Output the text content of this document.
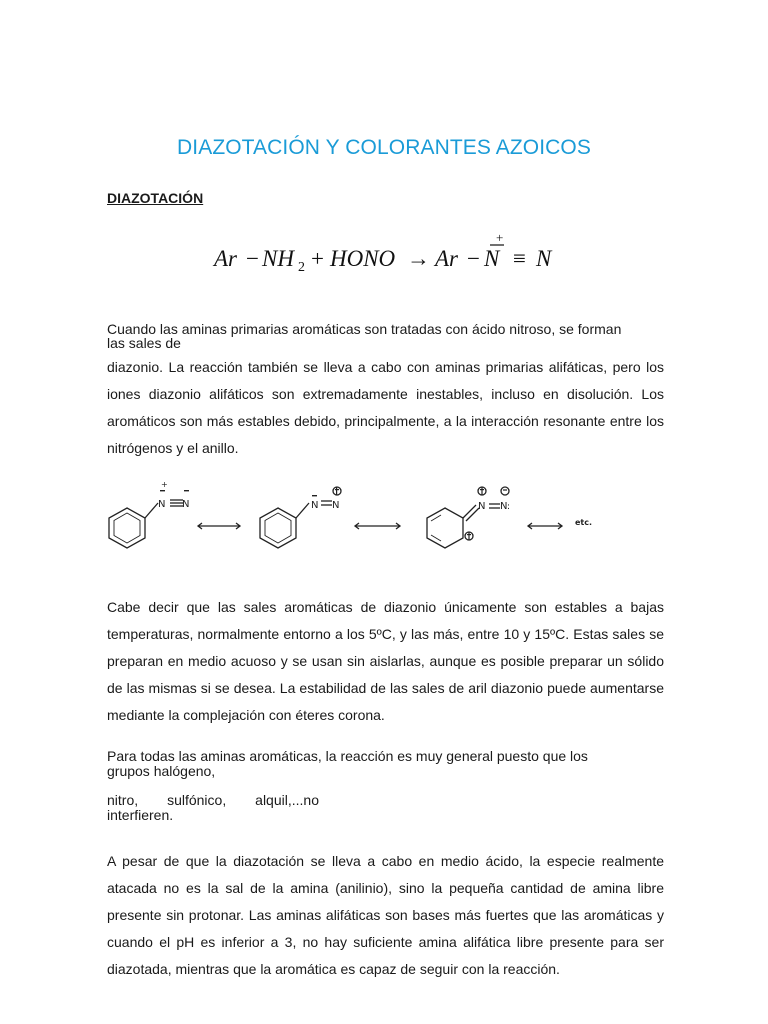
DIAZOTACIÓN Y COLORANTES AZOICOS
DIAZOTACIÓN
Ar − NH 2 + HONO → Ar − N
+
≡ N
Cuando las aminas primarias aromáticas son tratadas con ácido nitroso, se forman
las sales de
diazonio. La reacción también se lleva a cabo con aminas primarias alifáticas, pero los iones diazonio alifáticos son extremadamente inestables, incluso en disolución. Los aromáticos son más estables debido, principalmente, a la interacción resonante entre los nitrógenos y el anillo.
N N	N N	N N :
+
etc.
Cabe decir que las sales aromáticas de diazonio únicamente son estables a bajas temperaturas, normalmente entorno a los 5ºC, y las más, entre 10 y 15ºC. Estas sales se preparan en medio acuoso y se usan sin aislarlas, aunque es posible preparar un sólido de las mismas si se desea. La estabilidad de las sales de aril diazonio puede aumentarse mediante la complejación con éteres corona.
Para todas las aminas aromáticas, la reacción es muy general puesto que los
grupos halógeno,
nitro, sulfónico, alquil,...no
interfieren.
A pesar de que la diazotación se lleva a cabo en medio ácido, la especie realmente atacada no es la sal de la amina (anilinio), sino la pequeña cantidad de amina libre presente sin protonar. Las aminas alifáticas son bases más fuertes que las aromáticas y cuando el pH es inferior a 3, no hay suficiente amina alifática libre presente para ser diazotada, mientras que la aromática es capaz de seguir con la reacción.
